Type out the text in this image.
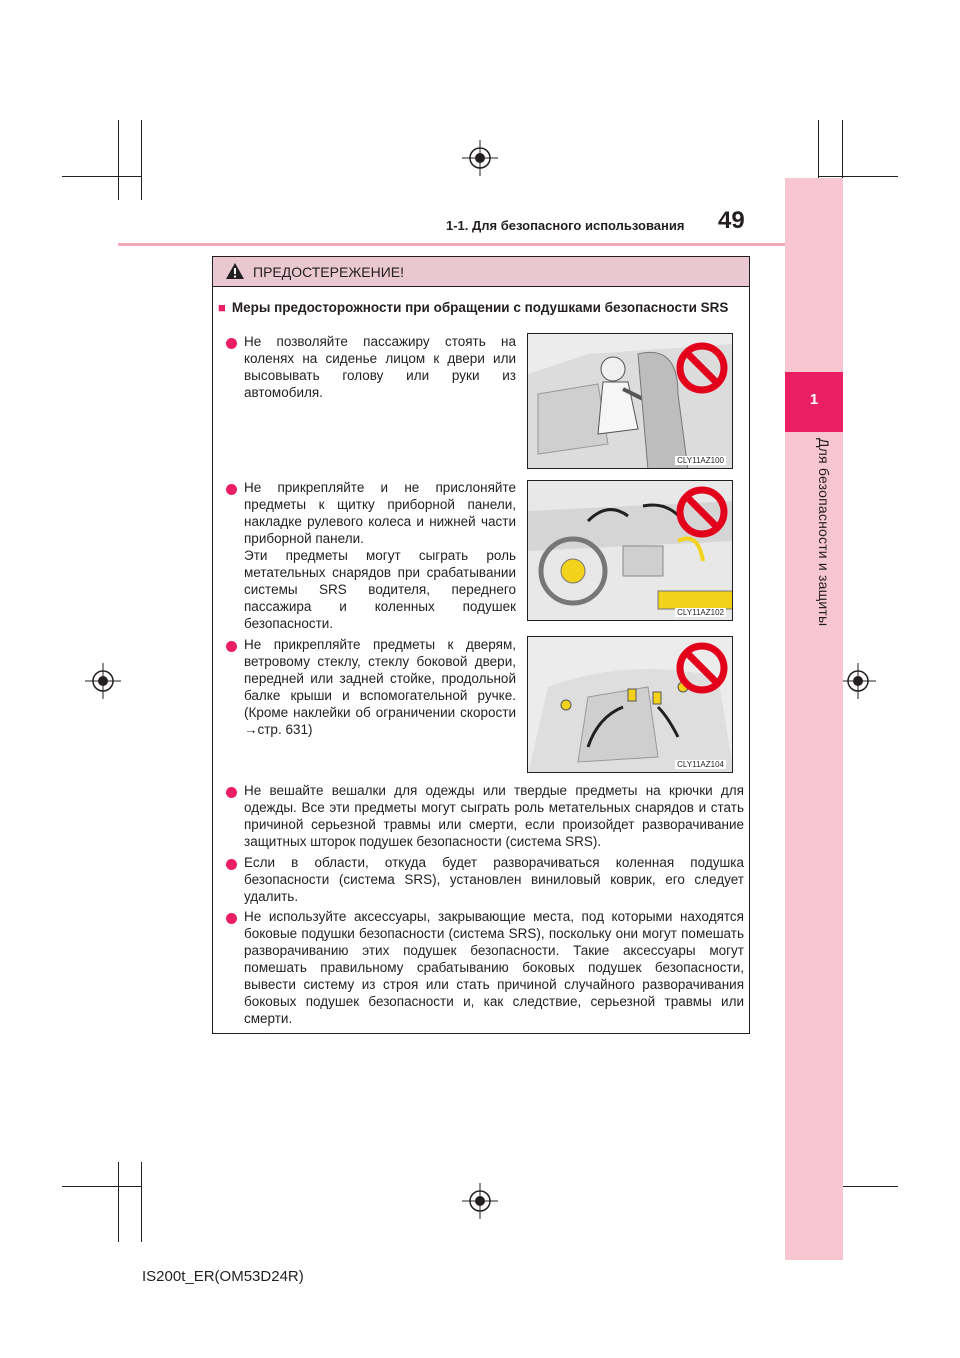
1
Для безопасности и защиты
1-1. Для безопасного использования 49
ПРЕДОСТЕРЕЖЕНИЕ!
■ Меры предосторожности при обращении с подушками безопасности SRS
Не позволяйте пассажиру стоять на коленях на сиденье лицом к двери или высовывать голову или руки из автомобиля.
CLY11AZ100
Не прикрепляйте и не прислоняйте предметы к щитку приборной панели, накладке рулевого колеса и нижней части приборной панели.
Эти предметы могут сыграть роль метательных снарядов при срабатывании системы SRS водителя, переднего пассажира и коленных подушек безопасности.
CLY11AZ102
Не прикрепляйте предметы к дверям, ветровому стеклу, стеклу боковой двери, передней или задней стойке, продольной балке крыши и вспомогательной ручке. (Кроме наклейки об ограничении скорости →стр. 631)
CLY11AZ104
Не вешайте вешалки для одежды или твердые предметы на крючки для одежды. Все эти предметы могут сыграть роль метательных снарядов и стать причиной серьезной травмы или смерти, если произойдет разворачивание защитных шторок подушек безопасности (система SRS).
Если в области, откуда будет разворачиваться коленная подушка безопасности (система SRS), установлен виниловый коврик, его следует удалить.
Не используйте аксессуары, закрывающие места, под которыми находятся боковые подушки безопасности (система SRS), поскольку они могут помешать разворачиванию этих подушек безопасности. Такие аксессуары могут помешать правильному срабатыванию боковых подушек безопасности, вывести систему из строя или стать причиной случайного разворачивания боковых подушек безопасности и, как следствие, серьезной травмы или смерти.
IS200t_ER(OM53D24R)
